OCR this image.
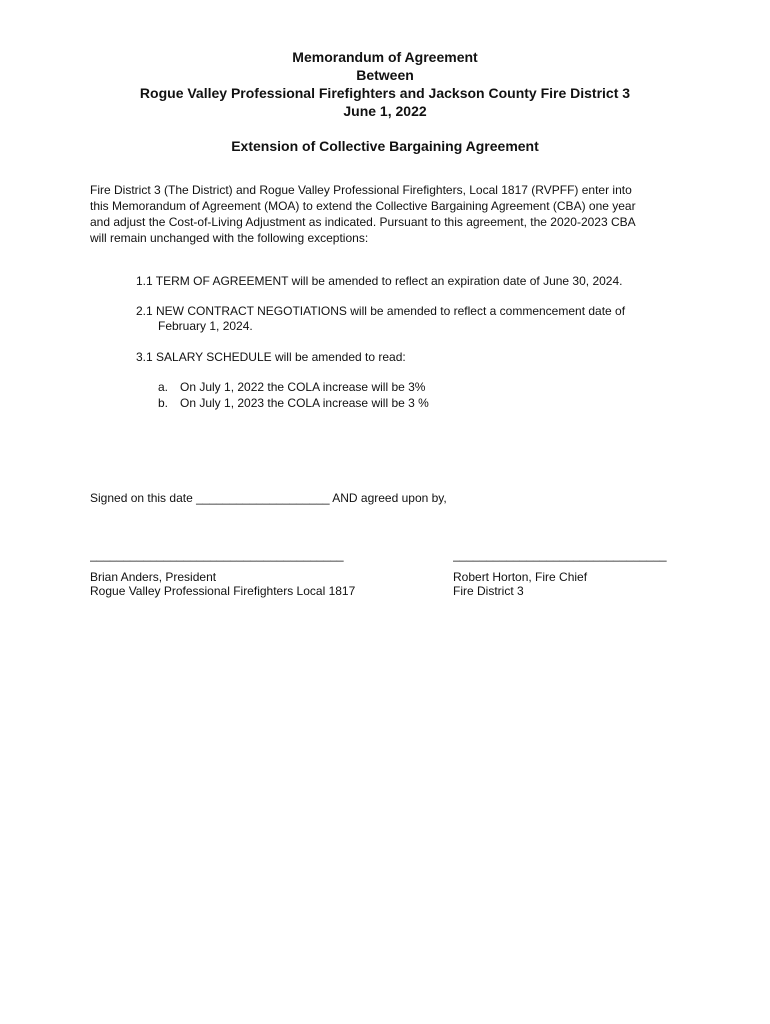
Memorandum of Agreement
Between
Rogue Valley Professional Firefighters and Jackson County Fire District 3
June 1, 2022
Extension of Collective Bargaining Agreement
Fire District 3 (The District) and Rogue Valley Professional Firefighters, Local 1817 (RVPFF) enter into
this Memorandum of Agreement (MOA) to extend the Collective Bargaining Agreement (CBA) one year
and adjust the Cost-of-Living Adjustment as indicated. Pursuant to this agreement, the 2020-2023 CBA
will remain unchanged with the following exceptions:
1.1 TERM OF AGREEMENT will be amended to reflect an expiration date of June 30, 2024.
2.1 NEW CONTRACT NEGOTIATIONS will be amended to reflect a commencement date of
February 1, 2024.
3.1 SALARY SCHEDULE will be amended to read:
a. On July 1, 2022 the COLA increase will be 3%
b. On July 1, 2023 the COLA increase will be 3 %
Signed on this date ____________________ AND agreed upon by,
______________________________________	________________________________
Brian Anders, President
Rogue Valley Professional Firefighters Local 1817
Robert Horton, Fire Chief
Fire District 3
